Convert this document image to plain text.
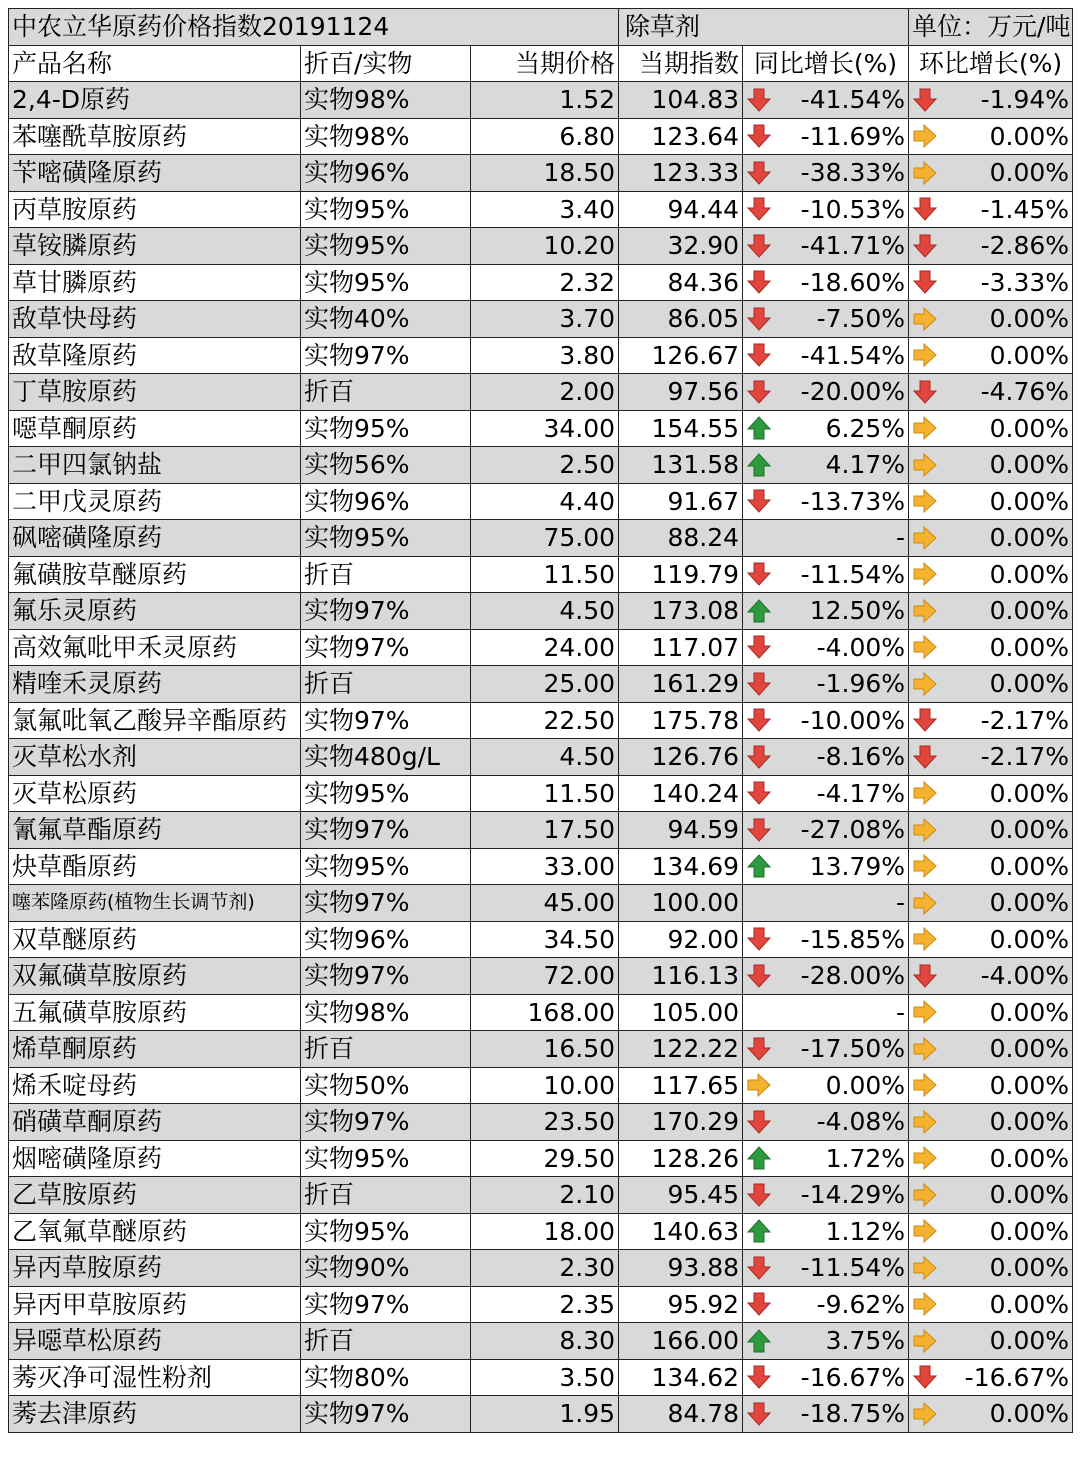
中农立华原药价格指数20191124			除草剂		单位：万元/吨
产品名称	折百/实物	当期价格	当期指数	同比增长(%)	环比增长(%)
2,4-D原药	实物98%	1.52	104.83	-41.54%	-1.94%

苯噻酰草胺原药	实物98%	6.80	123.64	-11.69%	0.00%

苄嘧磺隆原药	实物96%	18.50	123.33	-38.33%	0.00%

丙草胺原药	实物95%	3.40	94.44	-10.53%	-1.45%

草铵膦原药	实物95%	10.20	32.90	-41.71%	-2.86%

草甘膦原药	实物95%	2.32	84.36	-18.60%	-3.33%

敌草快母药	实物40%	3.70	86.05	-7.50%	0.00%

敌草隆原药	实物97%	3.80	126.67	-41.54%	0.00%

丁草胺原药	折百	2.00	97.56	-20.00%	-4.76%

噁草酮原药	实物95%	34.00	154.55	6.25%	0.00%

二甲四氯钠盐	实物56%	2.50	131.58	4.17%	0.00%

二甲戊灵原药	实物96%	4.40	91.67	-13.73%	0.00%

砜嘧磺隆原药	实物95%	75.00	88.24	-	0.00%

氟磺胺草醚原药	折百	11.50	119.79	-11.54%	0.00%

氟乐灵原药	实物97%	4.50	173.08	12.50%	0.00%

高效氟吡甲禾灵原药	实物97%	24.00	117.07	-4.00%	0.00%

精喹禾灵原药	折百	25.00	161.29	-1.96%	0.00%

氯氟吡氧乙酸异辛酯原药	实物97%	22.50	175.78	-10.00%	-2.17%

灭草松水剂	实物480g/L	4.50	126.76	-8.16%	-2.17%

灭草松原药	实物95%	11.50	140.24	-4.17%	0.00%

氰氟草酯原药	实物97%	17.50	94.59	-27.08%	0.00%

炔草酯原药	实物95%	33.00	134.69	13.79%	0.00%

噻苯隆原药(植物生长调节剂)	实物97%	45.00	100.00	-	0.00%

双草醚原药	实物96%	34.50	92.00	-15.85%	0.00%

双氟磺草胺原药	实物97%	72.00	116.13	-28.00%	-4.00%

五氟磺草胺原药	实物98%	168.00	105.00	-	0.00%

烯草酮原药	折百	16.50	122.22	-17.50%	0.00%

烯禾啶母药	实物50%	10.00	117.65	0.00%	0.00%

硝磺草酮原药	实物97%	23.50	170.29	-4.08%	0.00%

烟嘧磺隆原药	实物95%	29.50	128.26	1.72%	0.00%

乙草胺原药	折百	2.10	95.45	-14.29%	0.00%

乙氧氟草醚原药	实物95%	18.00	140.63	1.12%	0.00%

异丙草胺原药	实物90%	2.30	93.88	-11.54%	0.00%

异丙甲草胺原药	实物97%	2.35	95.92	-9.62%	0.00%

异噁草松原药	折百	8.30	166.00	3.75%	0.00%

莠灭净可湿性粉剂	实物80%	3.50	134.62	-16.67%	-16.67%

莠去津原药	实物97%	1.95	84.78	-18.75%	0.00%
